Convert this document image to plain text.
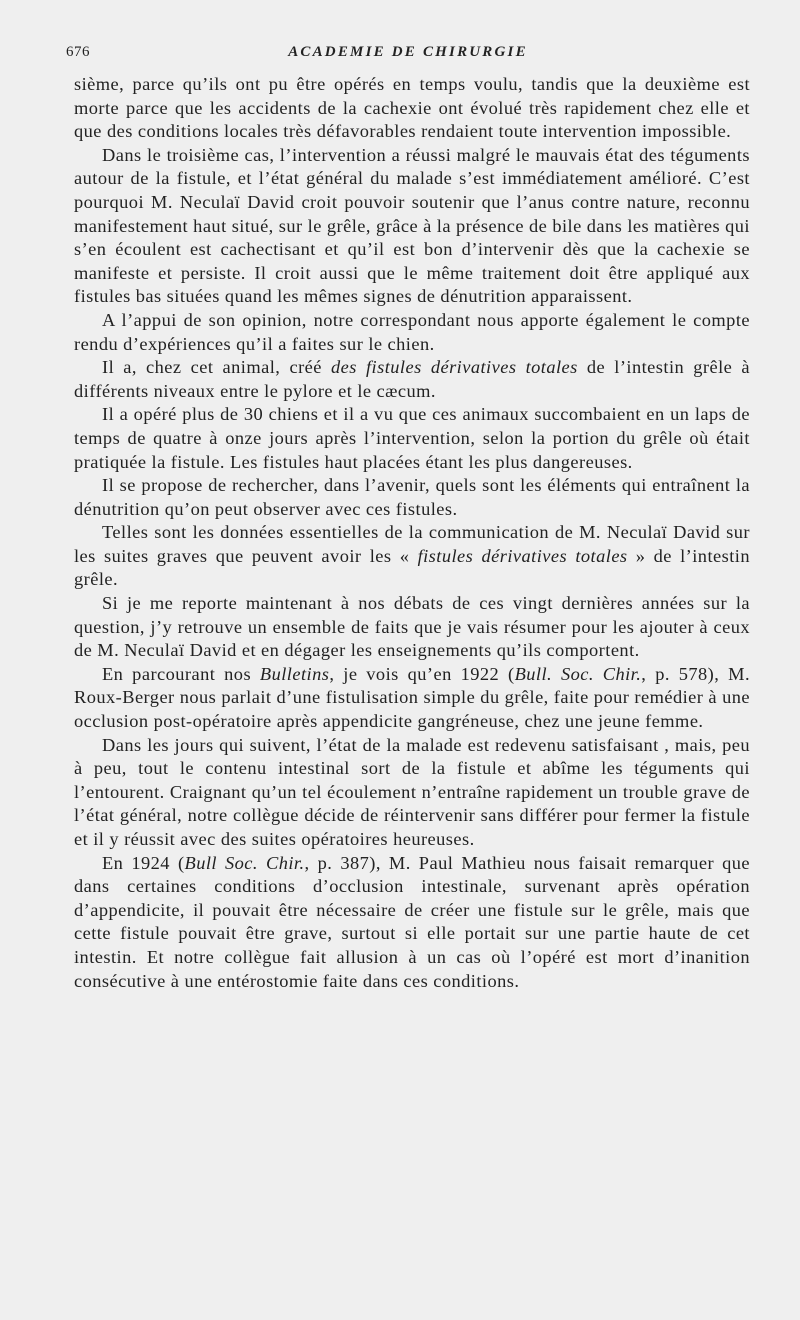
676	ACADEMIE DE CHIRURGIE

sième, parce qu’ils ont pu être opérés en temps voulu, tandis que la deuxième est morte parce que les accidents de la cachexie ont évolué très rapidement chez elle et que des conditions locales très défavorables rendaient toute intervention impossible.

Dans le troisième cas, l’intervention a réussi malgré le mauvais état des téguments autour de la fistule, et l’état général du malade s’est immédiatement amélioré. C’est pourquoi M. Neculaï David croit pouvoir soutenir que l’anus contre nature, reconnu manifestement haut situé, sur le grêle, grâce à la présence de bile dans les matières qui s’en écoulent est cachectisant et qu’il est bon d’intervenir dès que la cachexie se manifeste et persiste. Il croit aussi que le même traitement doit être appliqué aux fistules bas situées quand les mêmes signes de dénutrition apparaissent.

A l’appui de son opinion, notre correspondant nous apporte également le compte rendu d’expériences qu’il a faites sur le chien.

Il a, chez cet animal, créé des fistules dérivatives totales de l’intestin grêle à différents niveaux entre le pylore et le cæcum.

Il a opéré plus de 30 chiens et il a vu que ces animaux succombaient en un laps de temps de quatre à onze jours après l’intervention, selon la portion du grêle où était pratiquée la fistule. Les fistules haut placées étant les plus dangereuses.

Il se propose de rechercher, dans l’avenir, quels sont les éléments qui entraînent la dénutrition qu’on peut observer avec ces fistules.

Telles sont les données essentielles de la communication de M. Neculaï David sur les suites graves que peuvent avoir les « fistules dérivatives totales » de l’intestin grêle.

Si je me reporte maintenant à nos débats de ces vingt dernières années sur la question, j’y retrouve un ensemble de faits que je vais résumer pour les ajouter à ceux de M. Neculaï David et en dégager les enseignements qu’ils comportent.

En parcourant nos Bulletins, je vois qu’en 1922 (Bull. Soc. Chir., p. 578), M. Roux-Berger nous parlait d’une fistulisation simple du grêle, faite pour remédier à une occlusion post-opératoire après appendicite gangréneuse, chez une jeune femme.

Dans les jours qui suivent, l’état de la malade est redevenu satisfaisant , mais, peu à peu, tout le contenu intestinal sort de la fistule et abîme les téguments qui l’entourent. Craignant qu’un tel écoulement n’entraîne rapidement un trouble grave de l’état général, notre collègue décide de réintervenir sans différer pour fermer la fistule et il y réussit avec des suites opératoires heureuses.

En 1924 (Bull Soc. Chir., p. 387), M. Paul Mathieu nous faisait remarquer que dans certaines conditions d’occlusion intestinale, survenant après opération d’appendicite, il pouvait être nécessaire de créer une fistule sur le grêle, mais que cette fistule pouvait être grave, surtout si elle portait sur une partie haute de cet intestin. Et notre collègue fait allusion à un cas où l’opéré est mort d’inanition consécutive à une entérostomie faite dans ces conditions.
